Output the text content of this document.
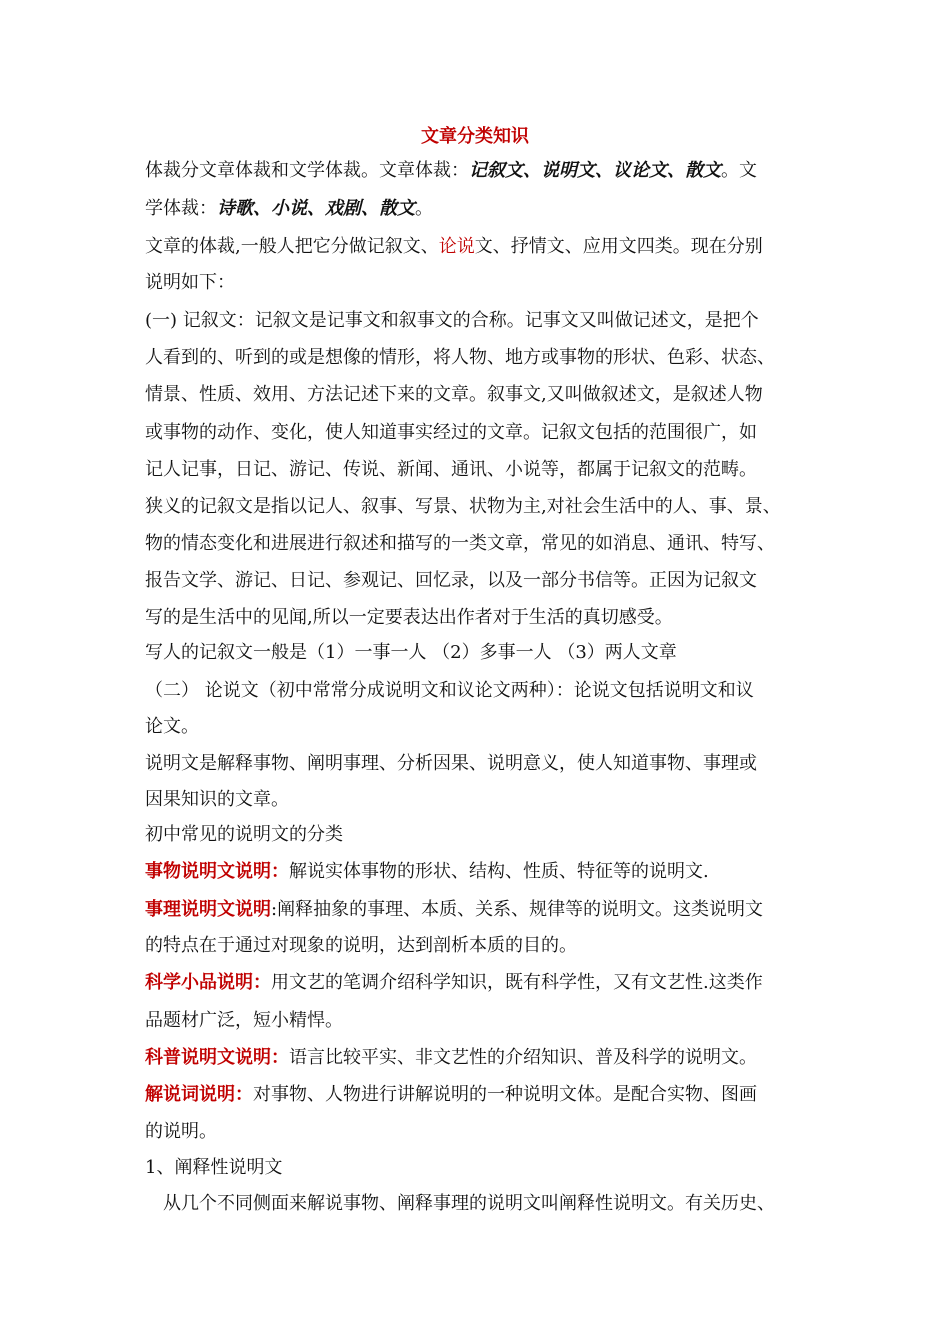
文章分类知识
体裁分文章体裁和文学体裁。文章体裁：记叙文、说明文、议论文、散文。文
学体裁：诗歌、小说、戏剧、散文。
文章的体裁,一般人把它分做记叙文、论说文、抒情文、应用文四类。现在分别
说明如下：
(一) 记叙文：记叙文是记事文和叙事文的合称。记事文又叫做记述文，是把个
人看到的、听到的或是想像的情形，将人物、地方或事物的形状、色彩、状态、
情景、性质、效用、方法记述下来的文章。叙事文,又叫做叙述文，是叙述人物
或事物的动作、变化，使人知道事实经过的文章。记叙文包括的范围很广，如
记人记事，日记、游记、传说、新闻、通讯、小说等，都属于记叙文的范畴。
狭义的记叙文是指以记人、叙事、写景、状物为主,对社会生活中的人、事、景、
物的情态变化和进展进行叙述和描写的一类文章，常见的如消息、通讯、特写、
报告文学、游记、日记、参观记、回忆录，以及一部分书信等。正因为记叙文
写的是生活中的见闻,所以一定要表达出作者对于生活的真切感受。
写人的记叙文一般是（1）一事一人 （2）多事一人 （3）两人文章
（二） 论说文（初中常常分成说明文和议论文两种）：论说文包括说明文和议
论文。
说明文是解释事物、阐明事理、分析因果、说明意义，使人知道事物、事理或
因果知识的文章。
初中常见的说明文的分类
事物说明文说明：解说实体事物的形状、结构、性质、特征等的说明文.
事理说明文说明:阐释抽象的事理、本质、关系、规律等的说明文。这类说明文
的特点在于通过对现象的说明，达到剖析本质的目的。
科学小品说明：用文艺的笔调介绍科学知识，既有科学性，又有文艺性.这类作
品题材广泛，短小精悍。
科普说明文说明：语言比较平实、非文艺性的介绍知识、普及科学的说明文。
解说词说明：对事物、人物进行讲解说明的一种说明文体。是配合实物、图画
的说明。
1、阐释性说明文
从几个不同侧面来解说事物、阐释事理的说明文叫阐释性说明文。有关历史、
